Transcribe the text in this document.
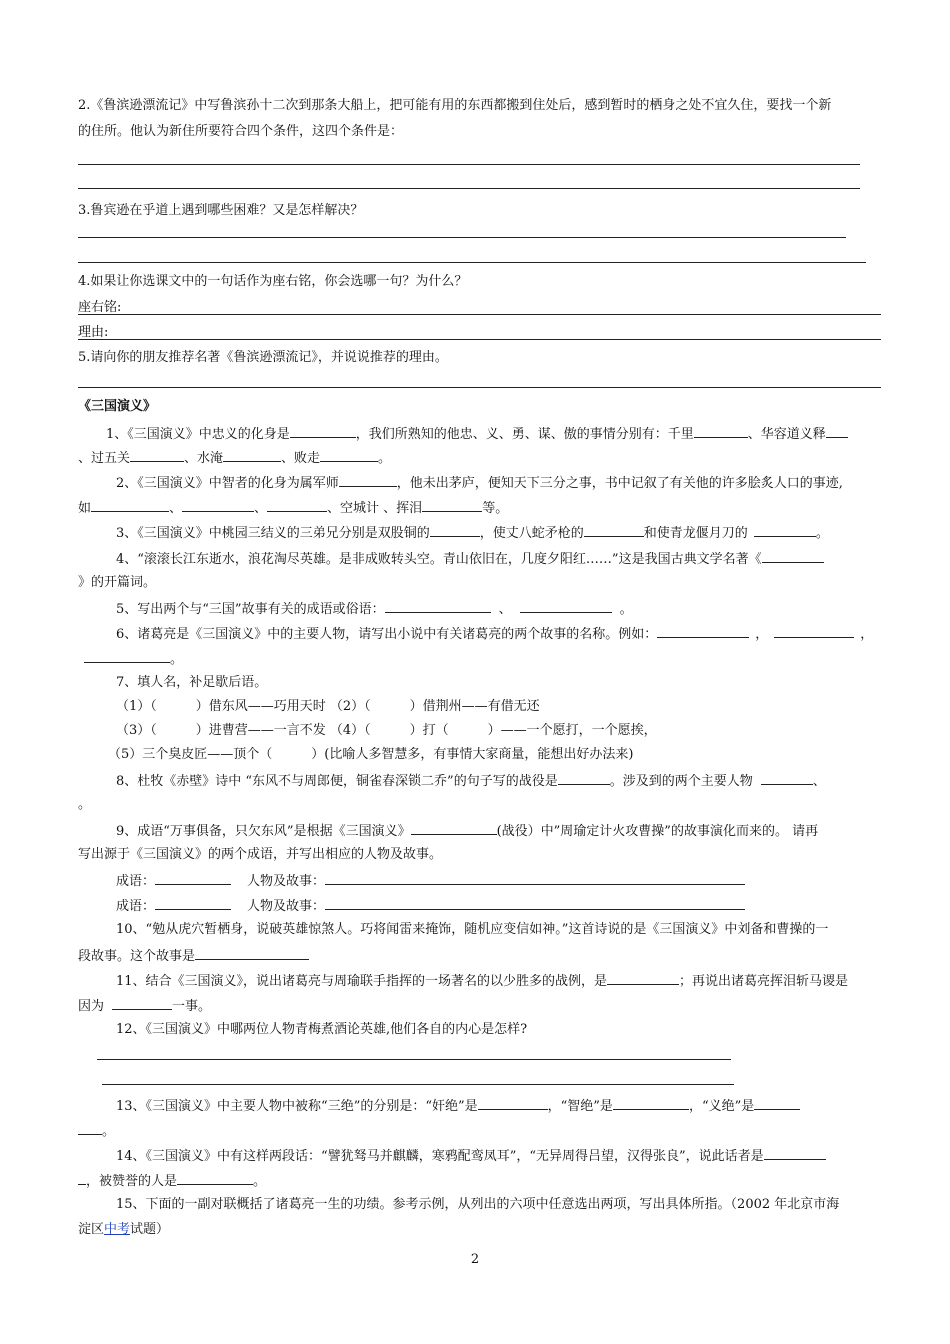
2.《鲁滨逊漂流记》中写鲁滨孙十二次到那条大船上，把可能有用的东西都搬到住处后，感到暂时的栖身之处不宜久住，要找一个新
的住所。他认为新住所要符合四个条件，这四个条件是：
3.鲁宾逊在乎道上遇到哪些困难？又是怎样解决？
4.如果让你选课文中的一句话作为座右铭，你会选哪一句？为什么？
座右铭:
理由:
5.请向你的朋友推荐名著《鲁滨逊漂流记》，并说说推荐的理由。
《三国演义》
1、《三国演义》中忠义的化身是	，我们所熟知的他忠、义、勇、谋、傲的事情分别有：千里	、华容道义释
、过五关	、水淹	、败走	。
2、《三国演义》中智者的化身为属军师	，他未出茅庐，便知天下三分之事，书中记叙了有关他的许多脍炙人口的事迹,
如	、	、	、空城计 、挥泪	等。
3、《三国演义》中桃园三结义的三弟兄分别是双股铜的	，使丈八蛇矛枪的	和使青龙偃月刀的	。
4、“滚滚长江东逝水，浪花淘尽英雄。是非成败转头空。青山依旧在，几度夕阳红……”这是我国古典文学名著《
》的开篇词。
5、写出两个与“三国”故事有关的成语或俗语：	、	。
6、诸葛亮是《三国演义》中的主要人物，请写出小说中有关诸葛亮的两个故事的名称。例如：	，	，
。
7、填人名，补足歇后语。
（1）（　　　）借东风——巧用天时 （2）（　　　）借荆州——有借无还
（3）（　　　）进曹营——一言不发 （4）（　　　）打（　　　）——一个愿打，一个愿挨，
（5）三个臭皮匠——顶个（　　　）(比喻人多智慧多，有事情大家商量，能想出好办法来)
8、杜牧《赤壁》诗中 “东风不与周郎便，铜雀春深锁二乔”的句子写的战役是	。涉及到的两个主要人物	、
。
9、成语“万事俱备，只欠东风”是根据《三国演义》	(战役）中”周瑜定计火攻曹操”的故事演化而来的。 请再
写出源于《三国演义》的两个成语，并写出相应的人物及故事。
成语：	人物及故事：
成语：	人物及故事：
10、“勉从虎穴暂栖身，说破英雄惊煞人。巧将闻雷来掩饰，随机应变信如神。”这首诗说的是《三国演义》中刘备和曹操的一
段故事。这个故事是
11、结合《三国演义》，说出诸葛亮与周瑜联手指挥的一场著名的以少胜多的战例，是	；再说出诸葛亮挥泪斩马谡是
因为	一事。
12、《三国演义》中哪两位人物青梅煮酒论英雄,他们各自的内心是怎样?
13、《三国演义》中主要人物中被称“三绝”的分别是：“奸绝”是	，“智绝”是	，“义绝”是
。
14、《三国演义》中有这样两段话：“譬犹驽马并麒麟，寒鸦配鸾凤耳”，“无异周得吕望，汉得张良”，说此话者是
，被赞誉的人是	。
15、下面的一副对联概括了诸葛亮一生的功绩。参考示例，从列出的六项中任意选出两项，写出具体所指。（2002 年北京市海
淀区中考试题）
2
